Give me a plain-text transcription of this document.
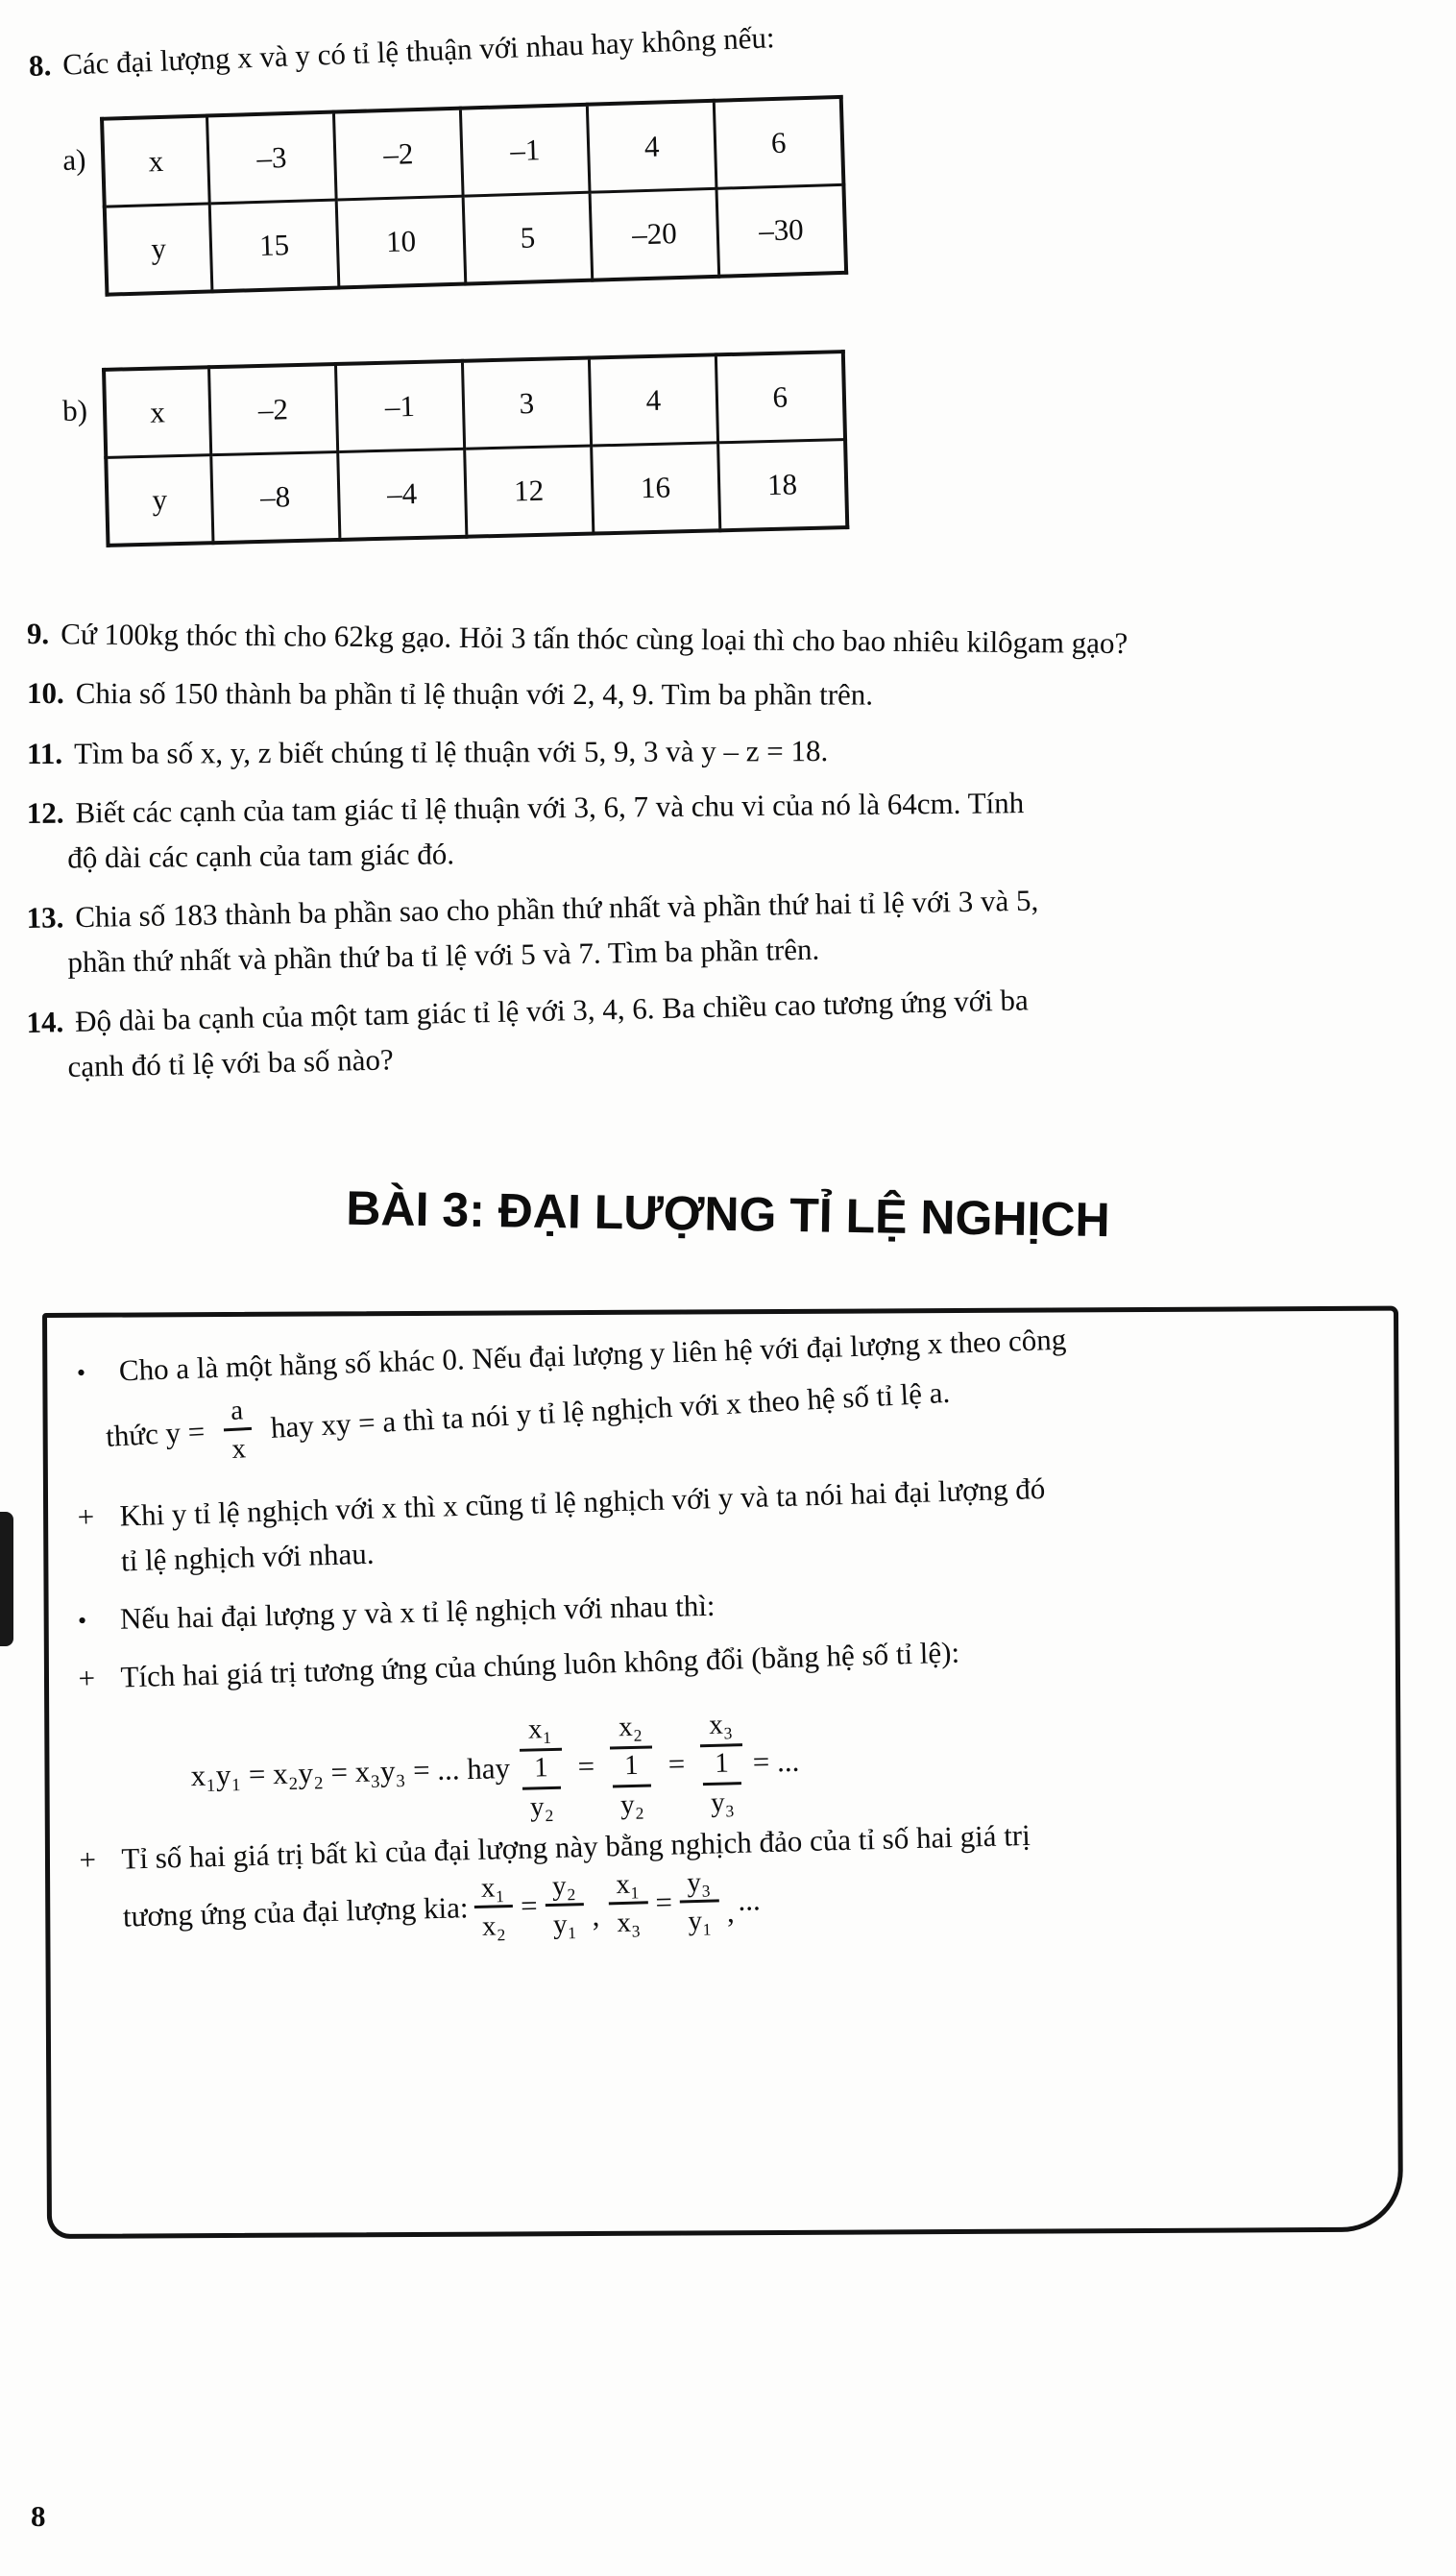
8. Các đại lượng x và y có tỉ lệ thuận với nhau hay không nếu:

a) x	–3	–2	–1	4	6
y	15	10	5	–20	–30
b) x	–2	–1	3	4	6
y	–8	–4	12	16	18

9. Cứ 100kg thóc thì cho 62kg gạo. Hỏi 3 tấn thóc cùng loại thì cho bao nhiêu kilôgam gạo?

10. Chia số 150 thành ba phần tỉ lệ thuận với 2, 4, 9. Tìm ba phần trên.

11. Tìm ba số x, y, z biết chúng tỉ lệ thuận với 5, 9, 3 và y – z = 18.

12. Biết các cạnh của tam giác tỉ lệ thuận với 3, 6, 7 và chu vi của nó là 64cm. Tính
độ dài các cạnh của tam giác đó.

13. Chia số 183 thành ba phần sao cho phần thứ nhất và phần thứ hai tỉ lệ với 3 và 5,
phần thứ nhất và phần thứ ba tỉ lệ với 5 và 7. Tìm ba phần trên.

14. Độ dài ba cạnh của một tam giác tỉ lệ với 3, 4, 6. Ba chiều cao tương ứng với ba
cạnh đó tỉ lệ với ba số nào?

BÀI 3: ĐẠI LƯỢNG TỈ LỆ NGHỊCH
•	Cho a là một hằng số khác 0. Nếu đại lượng y liên hệ với đại lượng x theo công
thức $y = \frac{a}{x}$ hay xy = a thì ta nói y tỉ lệ nghịch với x theo hệ số tỉ lệ a.
+ Khi y tỉ lệ nghịch với x thì x cũng tỉ lệ nghịch với y và ta nói hai đại lượng đó
tỉ lệ nghịch với nhau.
•	Nếu hai đại lượng y và x tỉ lệ nghịch với nhau thì:
+ Tích hai giá trị tương ứng của chúng luôn không đổi (bằng hệ số tỉ lệ):
x₁y₁ = x₂y₂ = x₃y₃ = ... hay
x₁
1
y₂
=
x₂
1
y₂
=
x₃
1
y₃
= ...
+ Tỉ số hai giá trị bất kì của đại lượng này bằng nghịch đảo của tỉ số hai giá trị
tương ứng của đại lượng kia: $\frac{\text{x₁}}{\text{x₂}} = \frac{\text{y₂}}{\text{y₁}}$ , $\frac{\text{x₁}}{\text{x₃}} = \frac{\text{y₃}}{\text{y₁}}$ , ...
8
